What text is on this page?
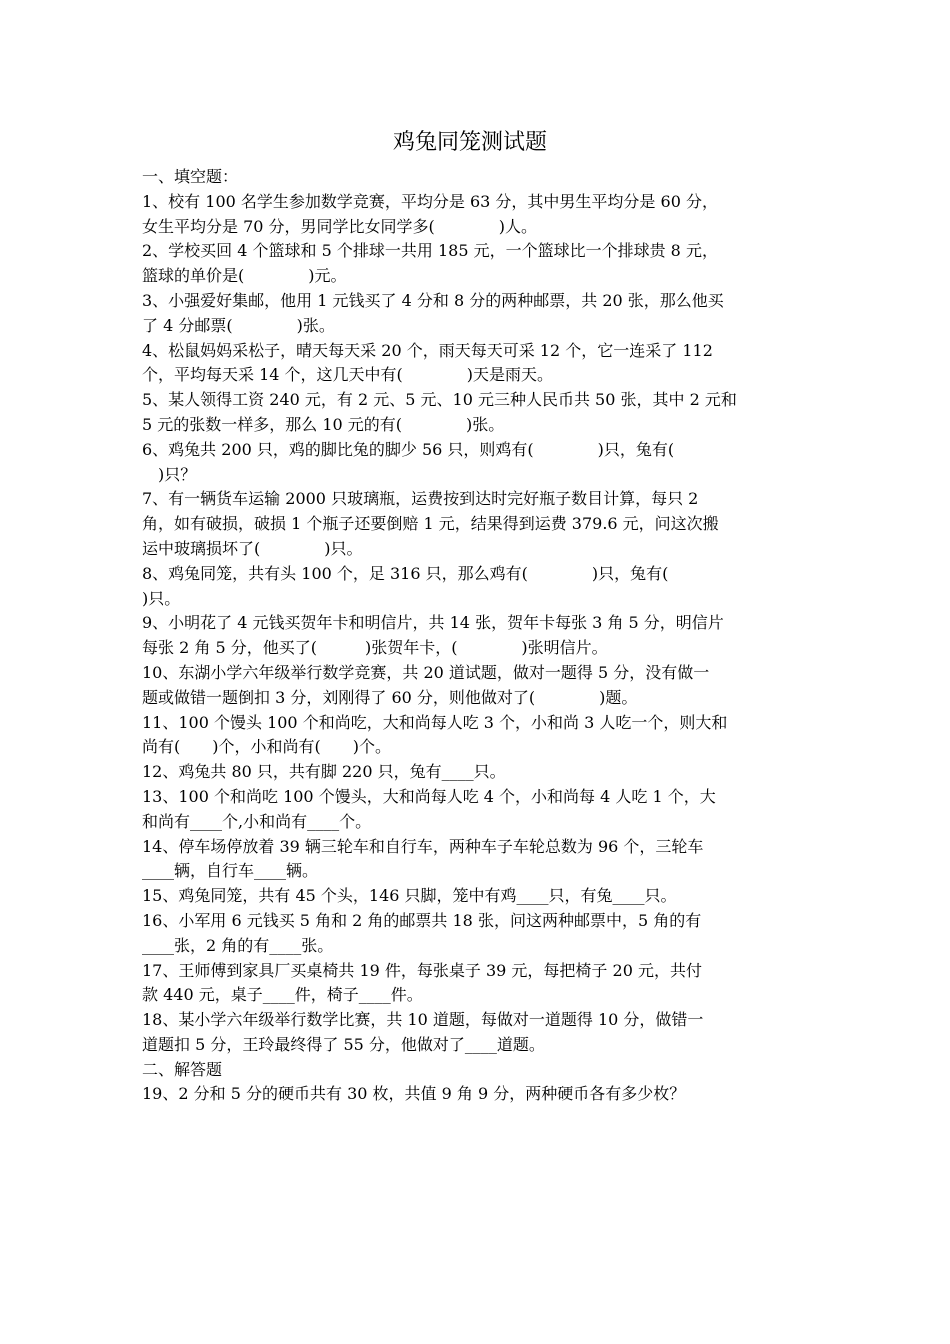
鸡兔同笼测试题
一、填空题：
1、校有 100 名学生参加数学竞赛，平均分是 63 分，其中男生平均分是 60 分，
女生平均分是 70 分，男同学比女同学多(　　　　)人。
2、学校买回 4 个篮球和 5 个排球一共用 185 元，一个篮球比一个排球贵 8 元，
篮球的单价是(　　　　)元。
3、小强爱好集邮，他用 1 元钱买了 4 分和 8 分的两种邮票，共 20 张，那么他买
了 4 分邮票(　　　　)张。
4、松鼠妈妈采松子，晴天每天采 20 个，雨天每天可采 12 个，它一连采了 112
个，平均每天采 14 个，这几天中有(　　　　)天是雨天。
5、某人领得工资 240 元，有 2 元、5 元、10 元三种人民币共 50 张，其中 2 元和
5 元的张数一样多，那么 10 元的有(　　　　)张。
6、鸡兔共 200 只，鸡的脚比兔的脚少 56 只，则鸡有(　　　　)只，兔有(
　)只？
7、有一辆货车运输 2000 只玻璃瓶，运费按到达时完好瓶子数目计算，每只 2
角，如有破损，破损 1 个瓶子还要倒赔 1 元，结果得到运费 379.6 元，问这次搬
运中玻璃损坏了(　　　　)只。
8、鸡兔同笼，共有头 100 个，足 316 只，那么鸡有(　　　　)只，兔有(
)只。
9、小明花了 4 元钱买贺年卡和明信片，共 14 张，贺年卡每张 3 角 5 分，明信片
每张 2 角 5 分，他买了(　　　)张贺年卡，(　　　　)张明信片。
10、东湖小学六年级举行数学竞赛，共 20 道试题，做对一题得 5 分，没有做一
题或做错一题倒扣 3 分，刘刚得了 60 分，则他做对了(　　　　)题。
11、100 个馒头 100 个和尚吃，大和尚每人吃 3 个，小和尚 3 人吃一个，则大和
尚有(　　)个，小和尚有(　　)个。
12、鸡兔共 80 只，共有脚 220 只，兔有____只。
13、100 个和尚吃 100 个馒头，大和尚每人吃 4 个，小和尚每 4 人吃 1 个，大
和尚有____个,小和尚有____个。
14、停车场停放着 39 辆三轮车和自行车，两种车子车轮总数为 96 个，三轮车
____辆，自行车____辆。
15、鸡兔同笼，共有 45 个头，146 只脚，笼中有鸡____只，有兔____只。
16、小军用 6 元钱买 5 角和 2 角的邮票共 18 张，问这两种邮票中，5 角的有
____张，2 角的有____张。
17、王师傅到家具厂买桌椅共 19 件，每张桌子 39 元，每把椅子 20 元，共付
款 440 元，桌子____件，椅子____件。
18、某小学六年级举行数学比赛，共 10 道题，每做对一道题得 10 分，做错一
道题扣 5 分，王玲最终得了 55 分，他做对了____道题。
二、解答题
19、2 分和 5 分的硬币共有 30 枚，共值 9 角 9 分，两种硬币各有多少枚？
